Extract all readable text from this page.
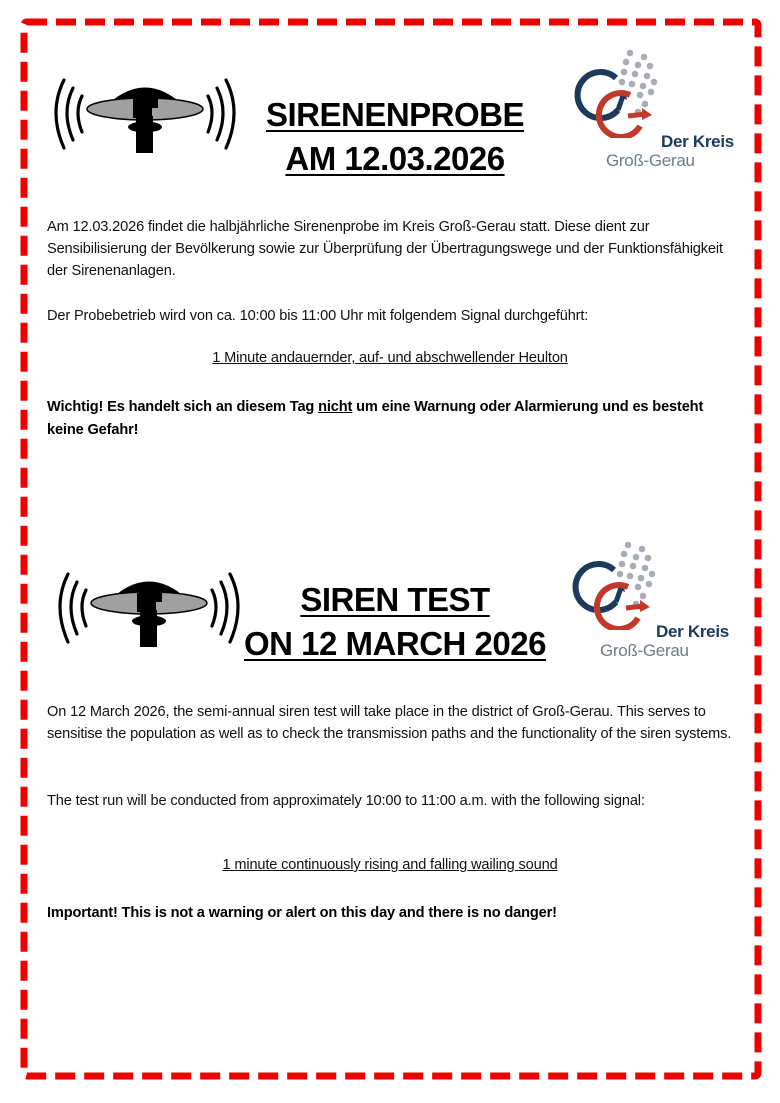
SIRENENPROBE
AM 12.03.2026	Der Kreis
Groß-Gerau
Am 12.03.2026 findet die halbjährliche Sirenenprobe im Kreis Groß-Gerau statt. Diese dient zur Sensibilisierung der Bevölkerung sowie zur Überprüfung der Übertragungswege und der Funktionsfähigkeit der Sirenenanlagen.
Der Probebetrieb wird von ca. 10:00 bis 11:00 Uhr mit folgendem Signal durchgeführt:
1 Minute andauernder, auf- und abschwellender Heulton
Wichtig! Es handelt sich an diesem Tag nicht um eine Warnung oder Alarmierung und es besteht keine Gefahr!
SIREN TEST
ON 12 MARCH 2026	Der Kreis
Groß-Gerau
On 12 March 2026, the semi-annual siren test will take place in the district of Groß-Gerau. This serves to sensitise the population as well as to check the transmission paths and the functionality of the siren systems.
The test run will be conducted from approximately 10:00 to 11:00 a.m. with the following signal:
1 minute continuously rising and falling wailing sound
Important! This is not a warning or alert on this day and there is no danger!
